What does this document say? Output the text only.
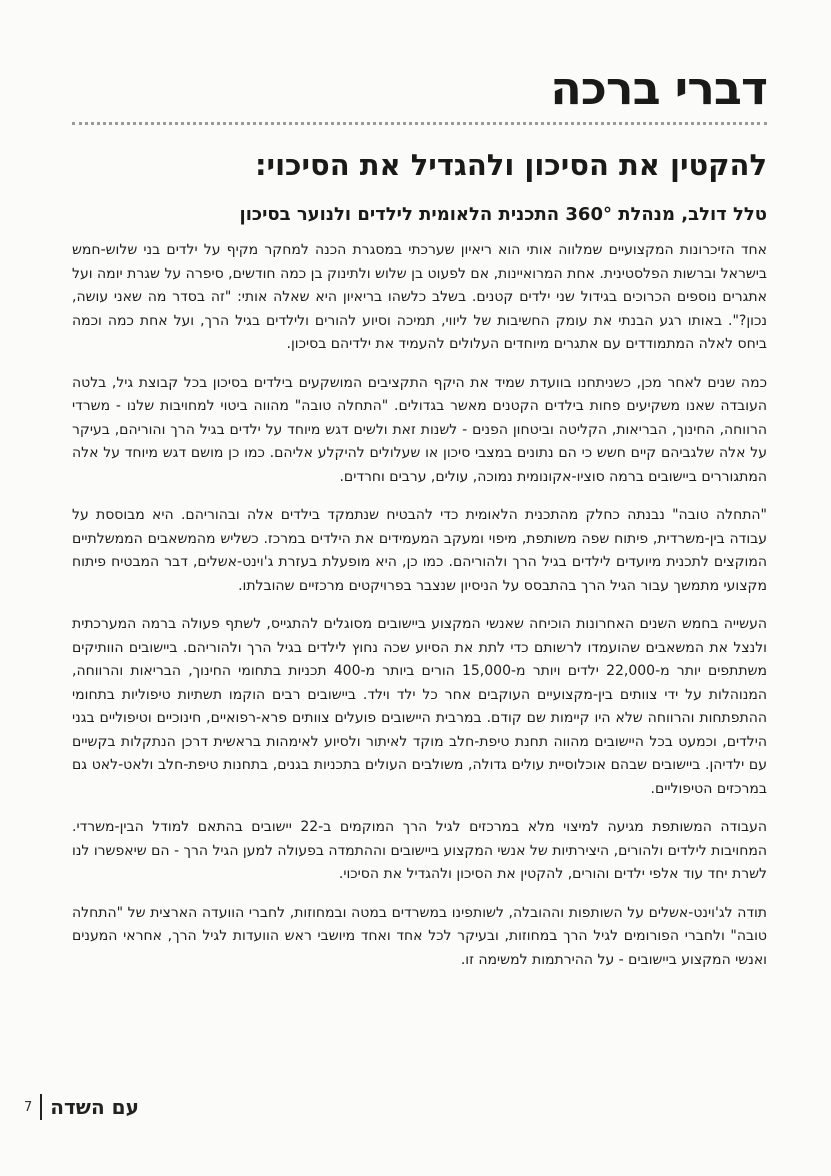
דברי ברכה
להקטין את הסיכון ולהגדיל את הסיכוי:
טלל דולב, מנהלת 360° התכנית הלאומית לילדים ולנוער בסיכון

אחד הזיכרונות המקצועיים שמלווה אותי הוא ריאיון שערכתי במסגרת הכנה למחקר מקיף על ילדים בני שלוש-חמש בישראל וברשות הפלסטינית. אחת המרואיינות, אם לפעוט בן שלוש ולתינוק בן כמה חודשים, סיפרה על שגרת יומה ועל אתגרים נוספים הכרוכים בגידול שני ילדים קטנים. בשלב כלשהו בריאיון היא שאלה אותי: "זה בסדר מה שאני עושה, נכון?". באותו רגע הבנתי את עומק החשיבות של ליווי, תמיכה וסיוע להורים ולילדים בגיל הרך, ועל אחת כמה וכמה ביחס לאלה המתמודדים עם אתגרים מיוחדים העלולים להעמיד את ילדיהם בסיכון.

כמה שנים לאחר מכן, כשניתחנו בוועדת שמיד את היקף התקציבים המושקעים בילדים בסיכון בכל קבוצת גיל, בלטה העובדה שאנו משקיעים פחות בילדים הקטנים מאשר בגדולים. "התחלה טובה" מהווה ביטוי למחויבות שלנו - משרדי הרווחה, החינוך, הבריאות, הקליטה וביטחון הפנים - לשנות זאת ולשים דגש מיוחד על ילדים בגיל הרך והוריהם, בעיקר על אלה שלגביהם קיים חשש כי הם נתונים במצבי סיכון או שעלולים להיקלע אליהם. כמו כן מושם דגש מיוחד על אלה המתגוררים ביישובים ברמה סוציו-אקונומית נמוכה, עולים, ערבים וחרדים.

"התחלה טובה" נבנתה כחלק מהתכנית הלאומית כדי להבטיח שנתמקד בילדים אלה ובהוריהם. היא מבוססת על עבודה בין-משרדית, פיתוח שפה משותפת, מיפוי ומעקב המעמידים את הילדים במרכז. כשליש מהמשאבים הממשלתיים המוקצים לתכנית מיועדים לילדים בגיל הרך ולהוריהם. כמו כן, היא מופעלת בעזרת ג'וינט-אשלים, דבר המבטיח פיתוח מקצועי מתמשך עבור הגיל הרך בהתבסס על הניסיון שנצבר בפרויקטים מרכזיים שהובלתו.

העשייה בחמש השנים האחרונות הוכיחה שאנשי המקצוע ביישובים מסוגלים להתגייס, לשתף פעולה ברמה המערכתית ולנצל את המשאבים שהועמדו לרשותם כדי לתת את הסיוע שכה נחוץ לילדים בגיל הרך ולהוריהם. ביישובים הוותיקים משתתפים יותר מ-22,000 ילדים ויותר מ-15,000 הורים ביותר מ-400 תכניות בתחומי החינוך, הבריאות והרווחה, המנוהלות על ידי צוותים בין-מקצועיים העוקבים אחר כל ילד וילד. ביישובים רבים הוקמו תשתיות טיפוליות בתחומי ההתפתחות והרווחה שלא היו קיימות שם קודם. במרבית היישובים פועלים צוותים פרא-רפואיים, חינוכיים וטיפוליים בגני הילדים, וכמעט בכל היישובים מהווה תחנת טיפת-חלב מוקד לאיתור ולסיוע לאימהות בראשית דרכן הנתקלות בקשיים עם ילדיהן. ביישובים שבהם אוכלוסיית עולים גדולה, משולבים העולים בתכניות בגנים, בתחנות טיפת-חלב ולאט-לאט גם במרכזים הטיפוליים.

העבודה המשותפת מגיעה למיצוי מלא במרכזים לגיל הרך המוקמים ב-22 יישובים בהתאם למודל הבין-משרדי. המחויבות לילדים ולהורים, היצירתיות של אנשי המקצוע ביישובים וההתמדה בפעולה למען הגיל הרך - הם שיאפשרו לנו לשרת יחד עוד אלפי ילדים והורים, להקטין את הסיכון ולהגדיל את הסיכוי.

תודה לג'וינט-אשלים על השותפות וההובלה, לשותפינו במשרדים במטה ובמחוזות, לחברי הוועדה הארצית של "התחלה טובה" ולחברי הפורומים לגיל הרך במחוזות, ובעיקר לכל אחד ואחד מיושבי ראש הוועדות לגיל הרך, אחראי המענים ואנשי המקצוע ביישובים - על ההירתמות למשימה זו.

7 עם השדה
